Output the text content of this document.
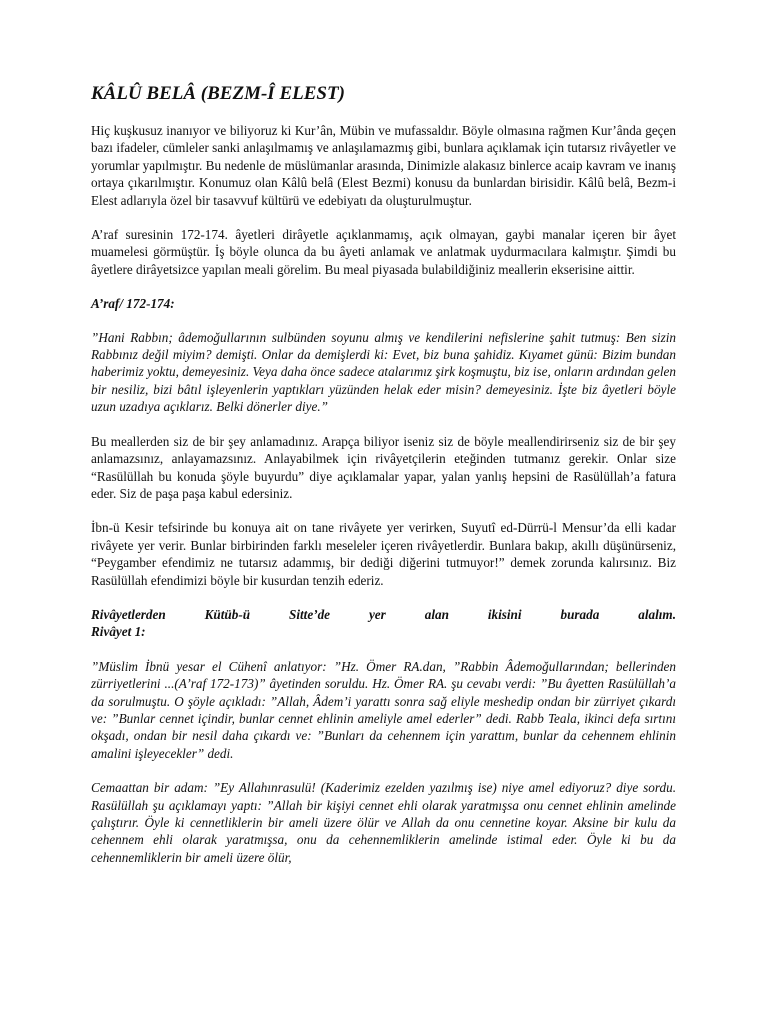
KÂLÛ BELÂ (BEZM-Î ELEST)

Hiç kuşkusuz inanıyor ve biliyoruz ki Kur’ân, Mübin ve mufassaldır. Böyle olmasına rağmen Kur’ânda geçen bazı ifadeler, cümleler sanki anlaşılmamış ve anlaşılamazmış gibi, bunlara açıklamak için tutarsız rivâyetler ve yorumlar yapılmıştır. Bu nedenle de müslümanlar arasında, Dinimizle alakasız binlerce acaip kavram ve inanış ortaya çıkarılmıştır. Konumuz olan Kâlû belâ (Elest Bezmi) konusu da bunlardan birisidir. Kâlû belâ, Bezm-i Elest adlarıyla özel bir tasavvuf kültürü ve edebiyatı da oluşturulmuştur.

A’raf suresinin 172-174. âyetleri dirâyetle açıklanmamış, açık olmayan, gaybi manalar içeren bir âyet muamelesi görmüştür. İş böyle olunca da bu âyeti anlamak ve anlatmak uydurmacılara kalmıştır. Şimdi bu âyetlere dirâyetsizce yapılan meali görelim. Bu meal piyasada bulabildiğiniz meallerin ekserisine aittir.

A’raf/ 172-174:

”Hani Rabbın; âdemoğullarının sulbünden soyunu almış ve kendilerini nefislerine şahit tutmuş: Ben sizin Rabbınız değil miyim? demişti. Onlar da demişlerdi ki: Evet, biz buna şahidiz. Kıyamet günü: Bizim bundan haberimiz yoktu, demeyesiniz. Veya daha önce sadece atalarımız şirk koşmuştu, biz ise, onların ardından gelen bir nesiliz, bizi bâtıl işleyenlerin yaptıkları yüzünden helak eder misin? demeyesiniz. İşte biz âyetleri böyle uzun uzadıya açıklarız. Belki dönerler diye.”

Bu meallerden siz de bir şey anlamadınız. Arapça biliyor iseniz siz de böyle meallendirirseniz siz de bir şey anlamazsınız, anlayamazsınız. Anlayabilmek için rivâyetçilerin eteğinden tutmanız gerekir. Onlar size “Rasülüllah bu konuda şöyle buyurdu” diye açıklamalar yapar, yalan yanlış hepsini de Rasülüllah’a fatura eder. Siz de paşa paşa kabul edersiniz.

İbn-ü Kesir tefsirinde bu konuya ait on tane rivâyete yer verirken, Suyutî ed-Dürrü-l Mensur’da elli kadar rivâyete yer verir. Bunlar birbirinden farklı meseleler içeren rivâyetlerdir. Bunlara bakıp, akıllı düşünürseniz, “Peygamber efendimiz ne tutarsız adammış, bir dediği diğerini tutmuyor!” demek zorunda kalırsınız. Biz Rasülüllah efendimizi böyle bir kusurdan tenzih ederiz.

Rivâyetlerden Kütüb-ü Sitte’de yer alan ikisini burada alalım.

Rivâyet 1:

”Müslim İbnü yesar el Cühenî anlatıyor: ”Hz. Ömer RA.dan, ”Rabbin Âdemoğullarından; bellerinden zürriyetlerini ...(A’raf 172-173)” âyetinden soruldu. Hz. Ömer RA. şu cevabı verdi: ”Bu âyetten Rasülüllah’a da sorulmuştu. O şöyle açıkladı: ”Allah, Âdem’i yarattı sonra sağ eliyle meshedip ondan bir zürriyet çıkardı ve: ”Bunlar cennet içindir, bunlar cennet ehlinin ameliyle amel ederler” dedi. Rabb Teala, ikinci defa sırtını okşadı, ondan bir nesil daha çıkardı ve: ”Bunları da cehennem için yarattım, bunlar da cehennem ehlinin amalini işleyecekler” dedi.

Cemaattan bir adam: ”Ey Allahınrasulü! (Kaderimiz ezelden yazılmış ise) niye amel ediyoruz? diye sordu. Rasülüllah şu açıklamayı yaptı: ”Allah bir kişiyi cennet ehli olarak yaratmışsa onu cennet ehlinin amelinde çalıştırır. Öyle ki cennetliklerin bir ameli üzere ölür ve Allah da onu cennetine koyar. Aksine bir kulu da cehennem ehli olarak yaratmışsa, onu da cehennemliklerin amelinde istimal eder. Öyle ki bu da cehennemliklerin bir ameli üzere ölür,
